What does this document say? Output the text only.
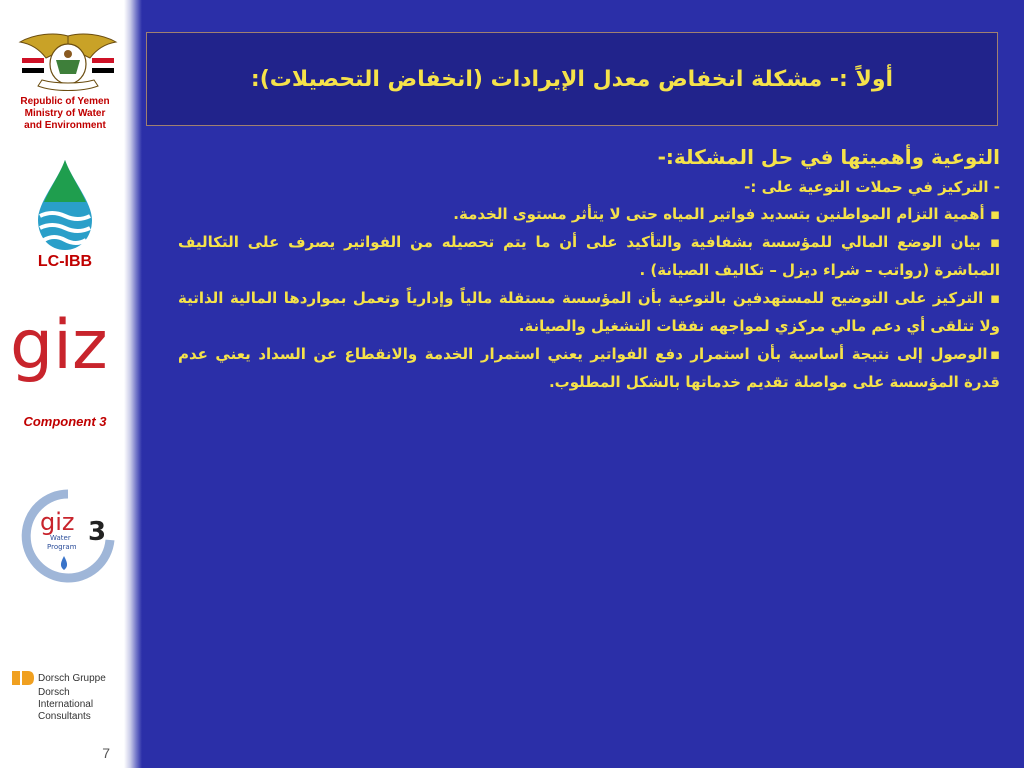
Republic of Yemen
Ministry of Water
and Environment
LC-IBB
giz
Component 3
giz
Water
Program 3
Dorsch Gruppe
Dorsch
International
Consultants
7
أولاً :- مشكلة انخفاض معدل الإيرادات (انخفاض التحصيلات):

التوعية وأهميتها في حل المشكلة:-

- التركيز في حملات التوعية على :-

▪ أهمية التزام المواطنين بتسديد فواتير المياه حتى لا يتأثر مستوى الخدمة.

▪ بيان الوضع المالي للمؤسسة بشفافية والتأكيد على أن ما يتم تحصيله من الفواتير يصرف على التكاليف المباشرة (رواتب – شراء ديزل – تكاليف الصيانة) .

▪ التركيز على التوضيح للمستهدفين بالتوعية بأن المؤسسة مستقلة مالياً وإدارياً وتعمل بمواردها المالية الذاتية ولا تتلقى أي دعم مالي مركزي لمواجهه نفقات التشغيل والصيانة.

▪الوصول إلى نتيجة أساسية بأن استمرار دفع الفواتير يعني استمرار الخدمة والانقطاع عن السداد يعني عدم قدرة المؤسسة على مواصلة تقديم خدماتها بالشكل المطلوب.
